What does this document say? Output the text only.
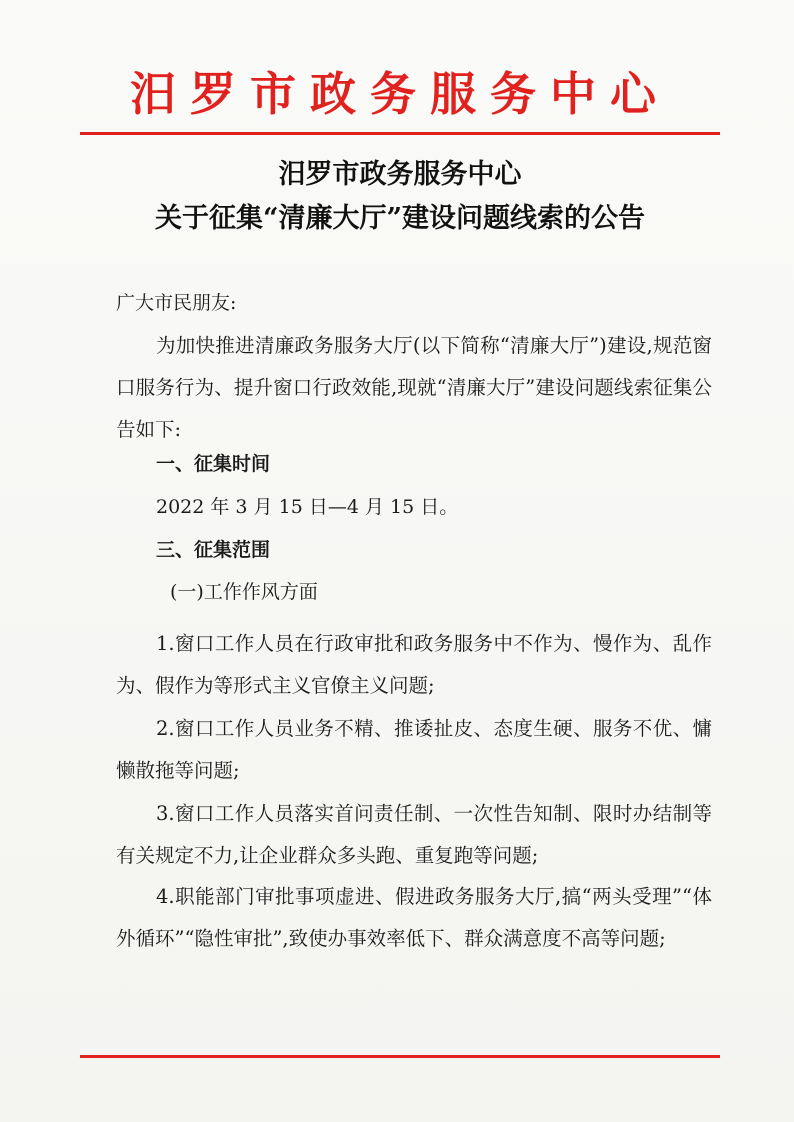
汨罗市政务服务中心
汨罗市政务服务中心
关于征集“清廉大厅”建设问题线索的公告
广大市民朋友:
为加快推进清廉政务服务大厅(以下简称“清廉大厅”)建设,规范窗口服务行为、提升窗口行政效能,现就“清廉大厅”建设问题线索征集公告如下:
一、征集时间
2022 年 3 月 15 日—4 月 15 日。
三、征集范围
(一)工作作风方面
1.窗口工作人员在行政审批和政务服务中不作为、慢作为、乱作为、假作为等形式主义官僚主义问题;
2.窗口工作人员业务不精、推诿扯皮、态度生硬、服务不优、慵懒散拖等问题;
3.窗口工作人员落实首问责任制、一次性告知制、限时办结制等有关规定不力,让企业群众多头跑、重复跑等问题;
4.职能部门审批事项虚进、假进政务服务大厅,搞“两头受理”“体外循环”“隐性审批”,致使办事效率低下、群众满意度不高等问题;
